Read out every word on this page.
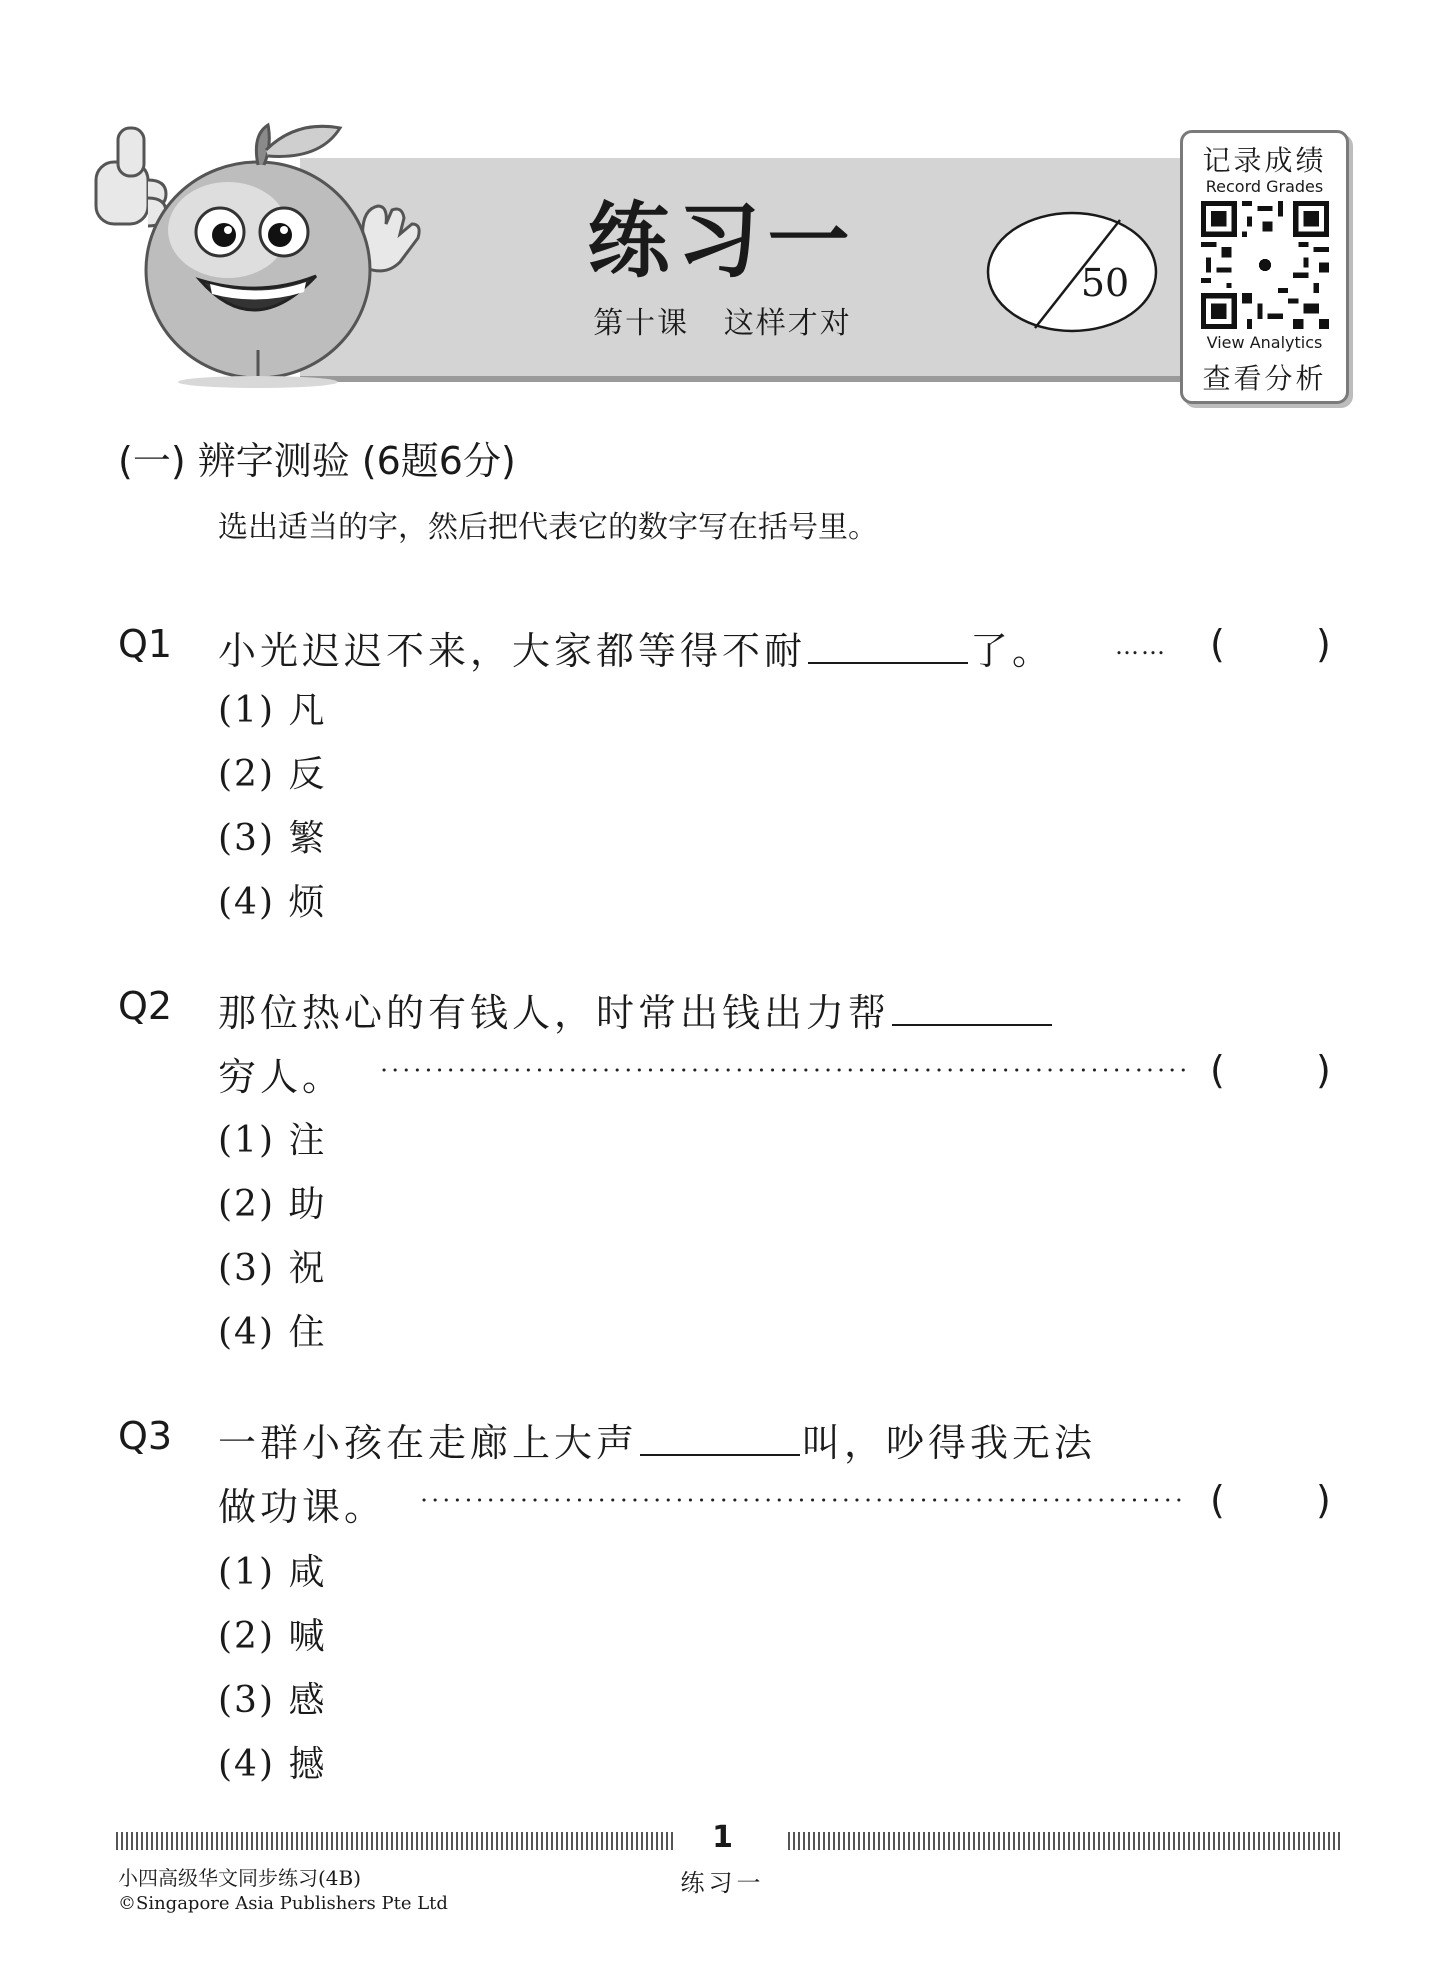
练习一
第十课 这样才对
50
记录成绩
Record Grades
View Analytics
查看分析
(一) 辨字测验 (6题6分)
选出适当的字，然后把代表它的数字写在括号里。
Q1 小光迟迟不来，大家都等得不耐	了。	…… ( )
(1) 凡
(2) 反
(3) 繁
(4) 烦
Q2 那位热心的有钱人，时常出钱出力帮
穷人。	( )
(1) 注
(2) 助
(3) 祝
(4) 住
Q3 一群小孩在走廊上大声	叫，吵得我无法
做功课。	( )
(1) 咸
(2) 喊
(3) 感
(4) 撼
1
练习一
小四高级华文同步练习(4B)
©Singapore Asia Publishers Pte Ltd
